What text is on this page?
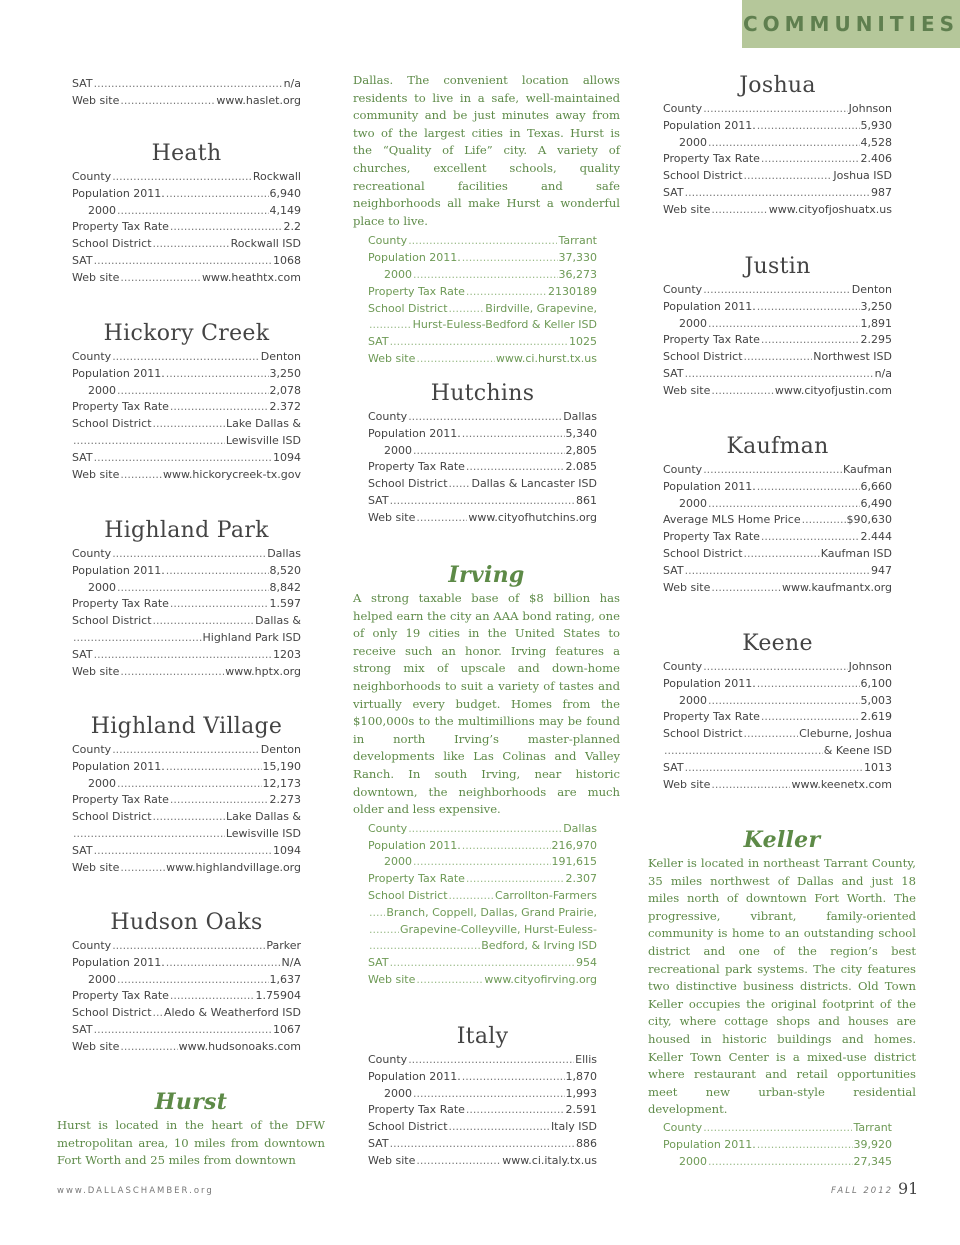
COMMUNITIES
SAT .....	n/a
Web site .....	www.haslet.org
Heath
County .....	Rockwall
Population 2011. .....	6,940
2000 .....	4,149
Property Tax Rate .....	2.2
School District .....	Rockwall ISD
SAT .....	1068
Web site .....	www.heathtx.com
Hickory Creek
County .....	Denton
Population 2011. .....	3,250
2000 .....	2,078
Property Tax Rate .....	2.372
School District .....	Lake Dallas &
.....
Lewisville ISD
SAT .....	1094
Web site .....	www.hickorycreek-tx.gov
Highland Park
County .....	Dallas
Population 2011. .....	8,520
2000 .....	8,842
Property Tax Rate .....	1.597
School District .....	Dallas &
.....
Highland Park ISD
SAT .....	1203
Web site .....	www.hptx.org
Highland Village
County .....	Denton
Population 2011. .....	15,190
2000 .....	12,173
Property Tax Rate .....	2.273
School District .....	Lake Dallas &
.....
Lewisville ISD
SAT .....	1094
Web site .....	www.highlandvillage.org
Hudson Oaks
County .....	Parker
Population 2011. .....	N/A
2000 .....	1,637
Property Tax Rate .....	1.75904
School District ..... Aledo & Weatherford ISD
SAT .....	1067
Web site .....	www.hudsonoaks.com
Hurst
Hurst is located in the heart of the DFW metropolitan area, 10 miles from downtown Fort Worth and 25 miles from downtown
Dallas. The convenient location allows residents to live in a safe, well-maintained community and be just minutes away from two of the largest cities in Texas. Hurst is the “Quality of Life” city. A variety of churches, excellent schools, quality recreational facilities and safe neighborhoods all make Hurst a wonderful place to live.
County .....	Tarrant
Population 2011. .....	37,330
2000 .....	36,273
Property Tax Rate .....	2130189
School District .....	Birdville, Grapevine,
.....
Hurst-Euless-Bedford & Keller ISD
SAT .....	1025
Web site .....	www.ci.hurst.tx.us
Hutchins
County .....	Dallas
Population 2011. .....	5,340
2000 .....	2,805
Property Tax Rate .....	2.085
School District ..... Dallas & Lancaster ISD
SAT .....	861
Web site .....	www.cityofhutchins.org
Irving
A strong taxable base of $8 billion has helped earn the city an AAA bond rating, one of only 19 cities in the United States to receive such an honor. Irving features a strong mix of upscale and down-home neighborhoods to suit a variety of tastes and virtually every budget. Homes from the $100,000s to the multimillions may be found in north Irving’s master-planned developments like Las Colinas and Valley Ranch. In south Irving, near historic downtown, the neighborhoods are much older and less expensive.
County .....	Dallas
Population 2011. .....	216,970
2000 .....	191,615
Property Tax Rate .....	2.307
School District .....	Carrollton-Farmers
.....
Branch, Coppell, Dallas, Grand Prairie,
.....
Grapevine-Colleyville, Hurst-Euless-
.....
Bedford, & Irving ISD
SAT .....	954
Web site .....	www.cityofirving.org
Italy
County .....	Ellis
Population 2011. .....	1,870
2000 .....	1,993
Property Tax Rate .....	2.591
School District .....	Italy ISD
SAT .....	886
Web site .....	www.ci.italy.tx.us
Joshua
County .....	Johnson
Population 2011. .....	5,930
2000 .....	4,528
Property Tax Rate .....	2.406
School District .....	Joshua ISD
SAT .....	987
Web site .....	www.cityofjoshuatx.us
Justin
County .....	Denton
Population 2011. .....	3,250
2000 .....	1,891
Property Tax Rate .....	2.295
School District .....	Northwest ISD
SAT .....	n/a
Web site .....	www.cityofjustin.com
Kaufman
County .....	Kaufman
Population 2011. .....	6,660
2000 .....	6,490
Average MLS Home Price .....	$90,630
Property Tax Rate .....	2.444
School District .....	Kaufman ISD
SAT .....	947
Web site .....	www.kaufmantx.org
Keene
County .....	Johnson
Population 2011. .....	6,100
2000 .....	5,003
Property Tax Rate .....	2.619
School District .....	Cleburne, Joshua
.....
& Keene ISD
SAT .....	1013
Web site .....	www.keenetx.com
Keller
Keller is located in northeast Tarrant County, 35 miles northwest of Dallas and just 18 miles north of downtown Fort Worth. The progressive, vibrant, family-oriented community is home to an outstanding school district and one of the region’s best recreational park systems. The city features two distinctive business districts. Old Town Keller occupies the original footprint of the city, where cottage shops and houses are housed in historic buildings and homes. Keller Town Center is a mixed-use district where restaurant and retail opportunities meet new urban-style residential development.
County .....	Tarrant
Population 2011. .....	39,920
2000 .....	27,345
www.DALLASCHAMBER.org	FALL 2012 91
